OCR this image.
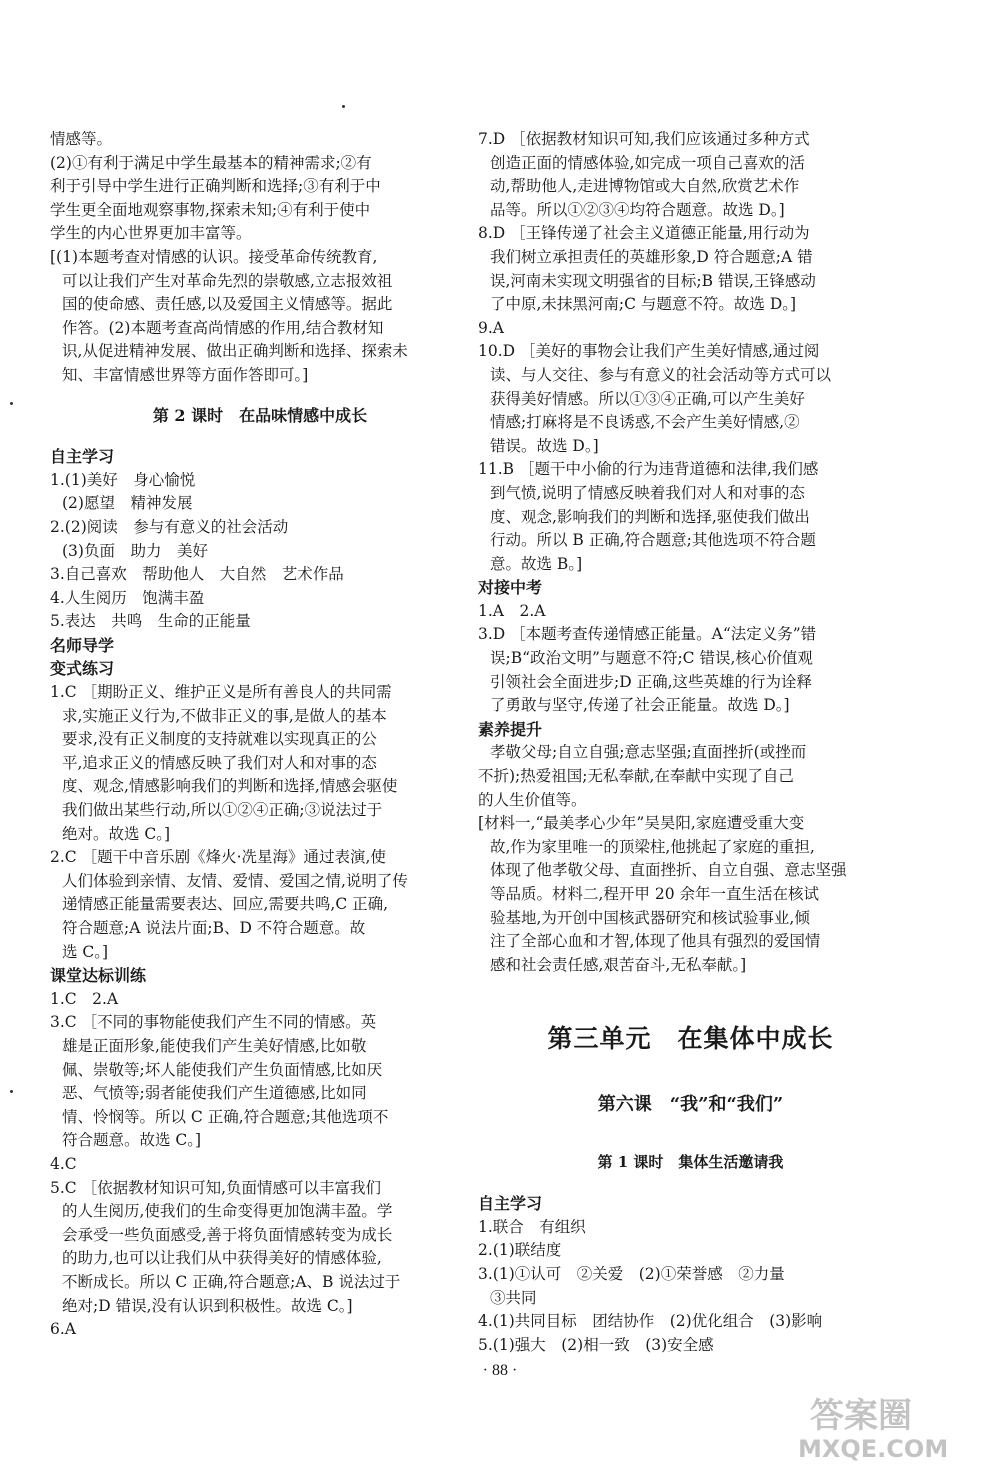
情感等。
(2)①有利于满足中学生最基本的精神需求;②有
利于引导中学生进行正确判断和选择;③有利于中
学生更全面地观察事物,探索未知;④有利于使中
学生的内心世界更加丰富等。
[(1)本题考查对情感的认识。接受革命传统教育,
可以让我们产生对革命先烈的崇敬感,立志报效祖
国的使命感、责任感,以及爱国主义情感等。据此
作答。(2)本题考查高尚情感的作用,结合教材知
识,从促进精神发展、做出正确判断和选择、探索未
知、丰富情感世界等方面作答即可。]
第 2 课时　在品味情感中成长
自主学习
1.(1)美好　身心愉悦
(2)愿望　精神发展
2.(2)阅读　参与有意义的社会活动
(3)负面　助力　美好
3.自己喜欢　帮助他人　大自然　艺术作品
4.人生阅历　饱满丰盈
5.表达　共鸣　生命的正能量
名师导学
变式练习
1.C ［期盼正义、维护正义是所有善良人的共同需
求,实施正义行为,不做非正义的事,是做人的基本
要求,没有正义制度的支持就难以实现真正的公
平,追求正义的情感反映了我们对人和对事的态
度、观念,情感影响我们的判断和选择,情感会驱使
我们做出某些行动,所以①②④正确;③说法过于
绝对。故选 C。]
2.C ［题干中音乐剧《烽火·冼星海》通过表演,使
人们体验到亲情、友情、爱情、爱国之情,说明了传
递情感正能量需要表达、回应,需要共鸣,C 正确,
符合题意;A 说法片面;B、D 不符合题意。故
选 C。]
课堂达标训练
1.C　2.A
3.C ［不同的事物能使我们产生不同的情感。英
雄是正面形象,能使我们产生美好情感,比如敬
佩、崇敬等;坏人能使我们产生负面情感,比如厌
恶、气愤等;弱者能使我们产生道德感,比如同
情、怜悯等。所以 C 正确,符合题意;其他选项不
符合题意。故选 C。]
4.C
5.C ［依据教材知识可知,负面情感可以丰富我们
的人生阅历,使我们的生命变得更加饱满丰盈。学
会承受一些负面感受,善于将负面情感转变为成长
的助力,也可以让我们从中获得美好的情感体验,
不断成长。所以 C 正确,符合题意;A、B 说法过于
绝对;D 错误,没有认识到积极性。故选 C。]
6.A
7.D ［依据教材知识可知,我们应该通过多种方式
创造正面的情感体验,如完成一项自己喜欢的活
动,帮助他人,走进博物馆或大自然,欣赏艺术作
品等。所以①②③④均符合题意。故选 D。]
8.D ［王锋传递了社会主义道德正能量,用行动为
我们树立承担责任的英雄形象,D 符合题意;A 错
误,河南未实现文明强省的目标;B 错误,王锋感动
了中原,未抹黑河南;C 与题意不符。故选 D。]
9.A
10.D ［美好的事物会让我们产生美好情感,通过阅
读、与人交往、参与有意义的社会活动等方式可以
获得美好情感。所以①③④正确,可以产生美好
情感;打麻将是不良诱惑,不会产生美好情感,②
错误。故选 D。]
11.B ［题干中小偷的行为违背道德和法律,我们感
到气愤,说明了情感反映着我们对人和对事的态
度、观念,影响我们的判断和选择,驱使我们做出
行动。所以 B 正确,符合题意;其他选项不符合题
意。故选 B。]
对接中考
1.A　2.A
3.D ［本题考查传递情感正能量。A“法定义务”错
误;B“政治文明”与题意不符;C 错误,核心价值观
引领社会全面进步;D 正确,这些英雄的行为诠释
了勇敢与坚守,传递了社会正能量。故选 D。]
素养提升
孝敬父母;自立自强;意志坚强;直面挫折(或挫而
不折);热爱祖国;无私奉献,在奉献中实现了自己
的人生价值等。
[材料一,“最美孝心少年”吴昊阳,家庭遭受重大变
故,作为家里唯一的顶梁柱,他挑起了家庭的重担,
体现了他孝敬父母、直面挫折、自立自强、意志坚强
等品质。材料二,程开甲 20 余年一直生活在核试
验基地,为开创中国核武器研究和核试验事业,倾
注了全部心血和才智,体现了他具有强烈的爱国情
感和社会责任感,艰苦奋斗,无私奉献。]
第三单元　在集体中成长
第六课　“我”和“我们”
第 1 课时　集体生活邀请我
自主学习
1.联合　有组织
2.(1)联结度
3.(1)①认可　②关爱　(2)①荣誉感　②力量
③共同
4.(1)共同目标　团结协作　(2)优化组合　(3)影响
5.(1)强大　(2)相一致　(3)安全感
· 88 ·
答案圈
MXQE.COM
